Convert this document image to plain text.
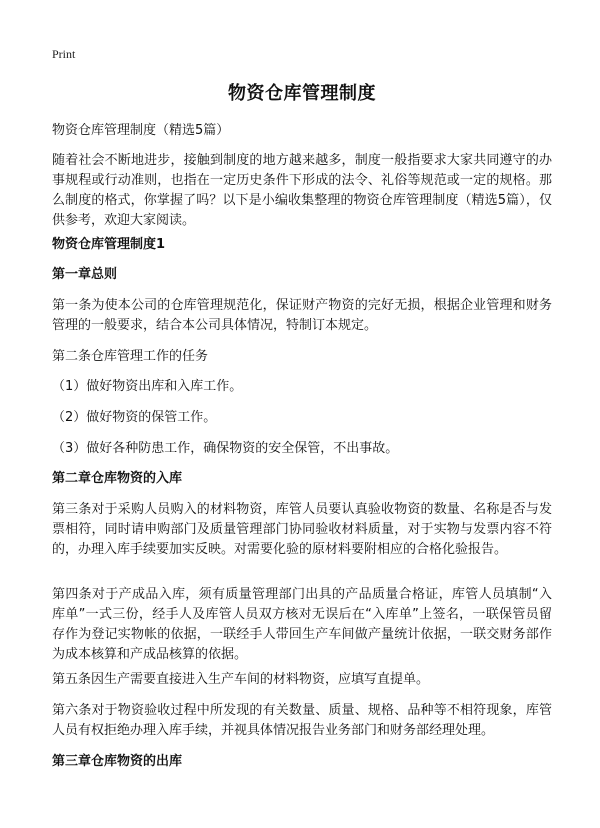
Print
物资仓库管理制度

物资仓库管理制度（精选5篇）

随着社会不断地进步，接触到制度的地方越来越多，制度一般指要求大家共同遵守的办事规程或行动准则，也指在一定历史条件下形成的法令、礼俗等规范或一定的规格。那么制度的格式，你掌握了吗？以下是小编收集整理的物资仓库管理制度（精选5篇），仅供参考，欢迎大家阅读。

物资仓库管理制度1

第一章总则

第一条为使本公司的仓库管理规范化，保证财产物资的完好无损，根据企业管理和财务管理的一般要求，结合本公司具体情况，特制订本规定。

第二条仓库管理工作的任务

（1）做好物资出库和入库工作。

（2）做好物资的保管工作。

（3）做好各种防患工作，确保物资的安全保管，不出事故。

第二章仓库物资的入库

第三条对于采购人员购入的材料物资，库管人员要认真验收物资的数量、名称是否与发票相符，同时请申购部门及质量管理部门协同验收材料质量，对于实物与发票内容不符的，办理入库手续要加实反映。对需要化验的原材料要附相应的合格化验报告。

第四条对于产成品入库，须有质量管理部门出具的产品质量合格证，库管人员填制“入库单”一式三份，经手人及库管人员双方核对无误后在“入库单”上签名，一联保管员留存作为登记实物帐的依据，一联经手人带回生产车间做产量统计依据，一联交财务部作为成本核算和产成品核算的依据。

第五条因生产需要直接进入生产车间的材料物资，应填写直提单。

第六条对于物资验收过程中所发现的有关数量、质量、规格、品种等不相符现象，库管人员有权拒绝办理入库手续，并视具体情况报告业务部门和财务部经理处理。

第三章仓库物资的出库
